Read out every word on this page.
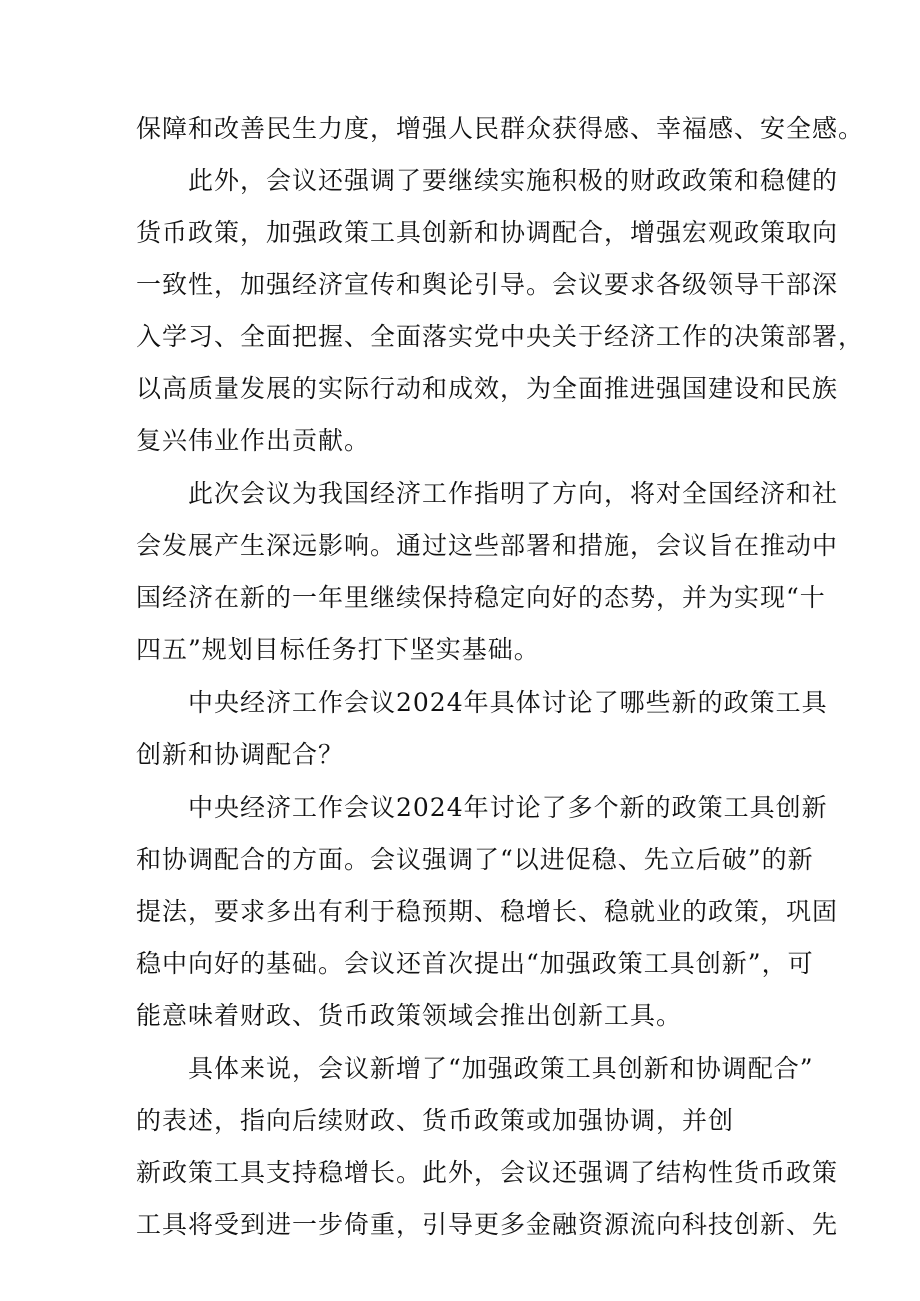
保障和改善民生力度，增强人民群众获得感、幸福感、安全感。
此外，会议还强调了要继续实施积极的财政政策和稳健的
货币政策，加强政策工具创新和协调配合，增强宏观政策取向
一致性，加强经济宣传和舆论引导。会议要求各级领导干部深
入学习、全面把握、全面落实党中央关于经济工作的决策部署，
以高质量发展的实际行动和成效，为全面推进强国建设和民族
复兴伟业作出贡献。
此次会议为我国经济工作指明了方向，将对全国经济和社
会发展产生深远影响。通过这些部署和措施，会议旨在推动中
国经济在新的一年里继续保持稳定向好的态势，并为实现“十
四五”规划目标任务打下坚实基础。
中央经济工作会议2024年具体讨论了哪些新的政策工具
创新和协调配合？
中央经济工作会议2024年讨论了多个新的政策工具创新
和协调配合的方面。会议强调了“以进促稳、先立后破”的新
提法，要求多出有利于稳预期、稳增长、稳就业的政策，巩固
稳中向好的基础。会议还首次提出“加强政策工具创新”，可
能意味着财政、货币政策领域会推出创新工具。
具体来说，会议新增了“加强政策工具创新和协调配合”
的表述，指向后续财政、货币政策或加强协调，并创
新政策工具支持稳增长。此外，会议还强调了结构性货币政策
工具将受到进一步倚重，引导更多金融资源流向科技创新、先
